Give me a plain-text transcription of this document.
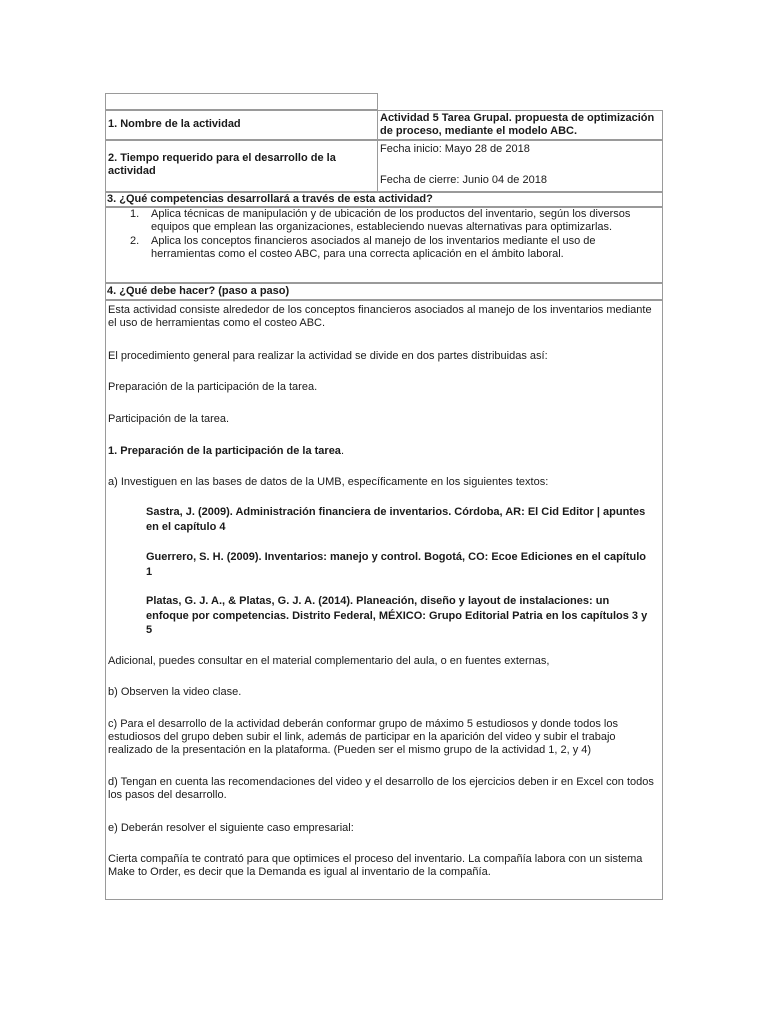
1. Nombre de la actividad	Actividad 5 Tarea Grupal. propuesta de optimización de proceso, mediante el modelo ABC.
2. Tiempo requerido para el desarrollo de la actividad
Fecha inicio: Mayo 28 de 2018
Fecha de cierre: Junio 04 de 2018
3. ¿Qué competencias desarrollará a través de esta actividad?
1. Aplica técnicas de manipulación y de ubicación de los productos del inventario, según los diversos equipos que emplean las organizaciones, estableciendo nuevas alternativas para optimizarlas.
2. Aplica los conceptos financieros asociados al manejo de los inventarios mediante el uso de herramientas como el costeo ABC, para una correcta aplicación en el ámbito laboral.
4. ¿Qué debe hacer? (paso a paso)
Esta actividad consiste alrededor de los conceptos financieros asociados al manejo de los inventarios mediante el uso de herramientas como el costeo ABC.
El procedimiento general para realizar la actividad se divide en dos partes distribuidas así:
Preparación de la participación de la tarea.
Participación de la tarea.
1. Preparación de la participación de la tarea.
a) Investiguen en las bases de datos de la UMB, específicamente en los siguientes textos:
Sastra, J. (2009). Administración financiera de inventarios. Córdoba, AR: El Cid Editor | apuntes en el capítulo 4
Guerrero, S. H. (2009). Inventarios: manejo y control. Bogotá, CO: Ecoe Ediciones en el capítulo 1
Platas, G. J. A., & Platas, G. J. A. (2014). Planeación, diseño y layout de instalaciones: un enfoque por competencias. Distrito Federal, MÉXICO: Grupo Editorial Patria en los capítulos 3 y 5
Adicional, puedes consultar en el material complementario del aula, o en fuentes externas,
b) Observen la video clase.
c) Para el desarrollo de la actividad deberán conformar grupo de máximo 5 estudiosos y donde todos los estudiosos del grupo deben subir el link, además de participar en la aparición del video y subir el trabajo realizado de la presentación en la plataforma. (Pueden ser el mismo grupo de la actividad 1, 2, y 4)
d) Tengan en cuenta las recomendaciones del video y el desarrollo de los ejercicios deben ir en Excel con todos los pasos del desarrollo.
e) Deberán resolver el siguiente caso empresarial:
Cierta compañía te contrató para que optimices el proceso del inventario. La compañía labora con un sistema Make to Order, es decir que la Demanda es igual al inventario de la compañía.
